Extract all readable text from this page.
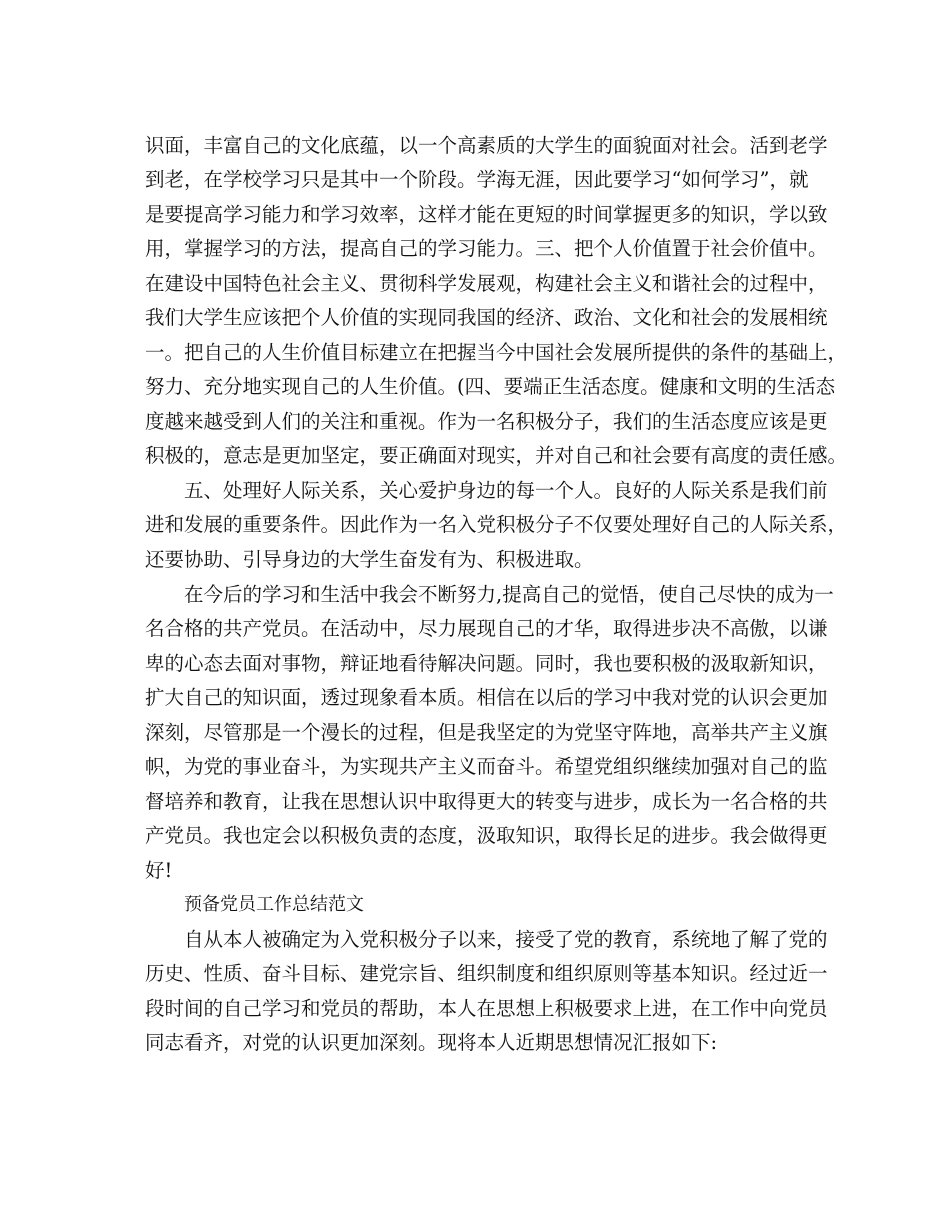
识面，丰富自己的文化底蕴，以一个高素质的大学生的面貌面对社会。活到老学
到老，在学校学习只是其中一个阶段。学海无涯，因此要学习“如何学习”，就
是要提高学习能力和学习效率，这样才能在更短的时间掌握更多的知识，学以致
用，掌握学习的方法，提高自己的学习能力。三、把个人价值置于社会价值中。
在建设中国特色社会主义、贯彻科学发展观，构建社会主义和谐社会的过程中，
我们大学生应该把个人价值的实现同我国的经济、政治、文化和社会的发展相统
一。把自己的人生价值目标建立在把握当今中国社会发展所提供的条件的基础上，
努力、充分地实现自己的人生价值。(四、要端正生活态度。健康和文明的生活态
度越来越受到人们的关注和重视。作为一名积极分子，我们的生活态度应该是更
积极的，意志是更加坚定，要正确面对现实，并对自己和社会要有高度的责任感。
五、处理好人际关系，关心爱护身边的每一个人。良好的人际关系是我们前
进和发展的重要条件。因此作为一名入党积极分子不仅要处理好自己的人际关系，
还要协助、引导身边的大学生奋发有为、积极进取。
在今后的学习和生活中我会不断努力,提高自己的觉悟，使自己尽快的成为一
名合格的共产党员。在活动中，尽力展现自己的才华，取得进步决不高傲，以谦
卑的心态去面对事物，辩证地看待解决问题。同时，我也要积极的汲取新知识，
扩大自己的知识面，透过现象看本质。相信在以后的学习中我对党的认识会更加
深刻，尽管那是一个漫长的过程，但是我坚定的为党坚守阵地，高举共产主义旗
帜，为党的事业奋斗，为实现共产主义而奋斗。希望党组织继续加强对自己的监
督培养和教育，让我在思想认识中取得更大的转变与进步，成长为一名合格的共
产党员。我也定会以积极负责的态度，汲取知识，取得长足的进步。我会做得更
好!
预备党员工作总结范文
自从本人被确定为入党积极分子以来，接受了党的教育，系统地了解了党的
历史、性质、奋斗目标、建党宗旨、组织制度和组织原则等基本知识。经过近一
段时间的自己学习和党员的帮助，本人在思想上积极要求上进，在工作中向党员
同志看齐，对党的认识更加深刻。现将本人近期思想情况汇报如下:
